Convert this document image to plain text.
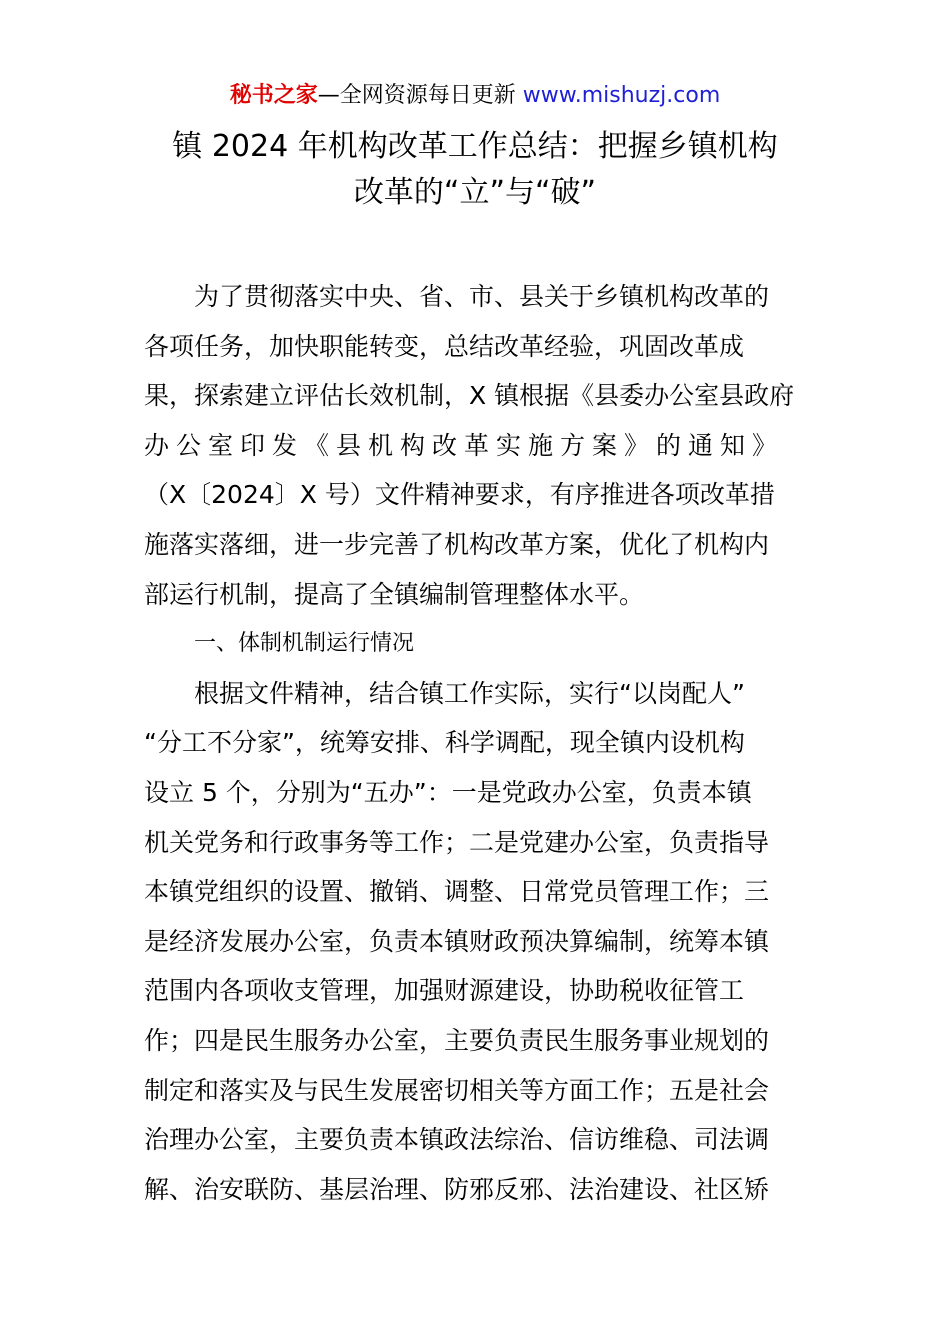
秘书之家—全网资源每日更新 www.mishuzj.com
镇 2024 年机构改革工作总结：把握乡镇机构
改革的“立”与“破”
为了贯彻落实中央、省、市、县关于乡镇机构改革的
各项任务，加快职能转变，总结改革经验，巩固改革成
果，探索建立评估长效机制，X 镇根据《县委办公室县政府
办公室印发《县机构改革实施方案》的通知》
（X〔2024〕X 号）文件精神要求，有序推进各项改革措
施落实落细，进一步完善了机构改革方案，优化了机构内
部运行机制，提高了全镇编制管理整体水平。
一、体制机制运行情况
根据文件精神，结合镇工作实际，实行“以岗配人”
“分工不分家”，统筹安排、科学调配，现全镇内设机构
设立 5 个，分别为“五办”：一是党政办公室，负责本镇
机关党务和行政事务等工作；二是党建办公室，负责指导
本镇党组织的设置、撤销、调整、日常党员管理工作；三
是经济发展办公室，负责本镇财政预决算编制，统筹本镇
范围内各项收支管理，加强财源建设，协助税收征管工
作；四是民生服务办公室，主要负责民生服务事业规划的
制定和落实及与民生发展密切相关等方面工作；五是社会
治理办公室，主要负责本镇政法综治、信访维稳、司法调
解、治安联防、基层治理、防邪反邪、法治建设、社区矫
